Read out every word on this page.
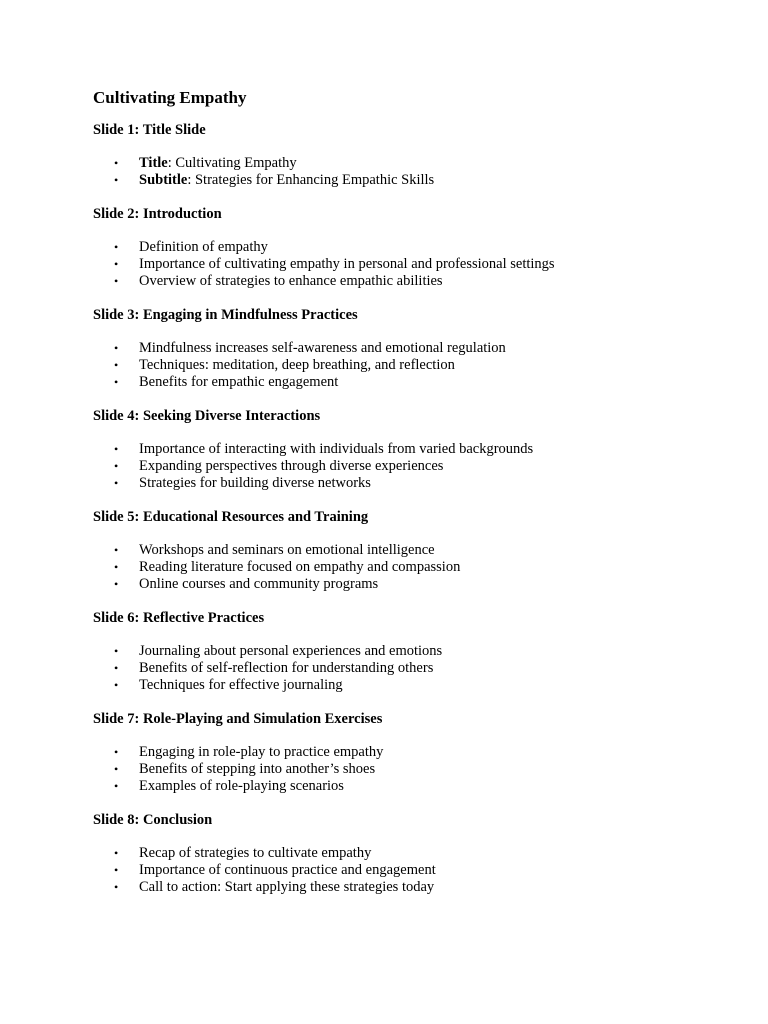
Cultivating Empathy
Slide 1: Title Slide
• Title: Cultivating Empathy
• Subtitle: Strategies for Enhancing Empathic Skills
Slide 2: Introduction
• Definition of empathy
• Importance of cultivating empathy in personal and professional settings
• Overview of strategies to enhance empathic abilities
Slide 3: Engaging in Mindfulness Practices
• Mindfulness increases self-awareness and emotional regulation
• Techniques: meditation, deep breathing, and reflection
• Benefits for empathic engagement
Slide 4: Seeking Diverse Interactions
• Importance of interacting with individuals from varied backgrounds
• Expanding perspectives through diverse experiences
• Strategies for building diverse networks
Slide 5: Educational Resources and Training
• Workshops and seminars on emotional intelligence
• Reading literature focused on empathy and compassion
• Online courses and community programs
Slide 6: Reflective Practices
• Journaling about personal experiences and emotions
• Benefits of self-reflection for understanding others
• Techniques for effective journaling
Slide 7: Role-Playing and Simulation Exercises
• Engaging in role-play to practice empathy
• Benefits of stepping into another’s shoes
• Examples of role-playing scenarios
Slide 8: Conclusion
• Recap of strategies to cultivate empathy
• Importance of continuous practice and engagement
• Call to action: Start applying these strategies today
